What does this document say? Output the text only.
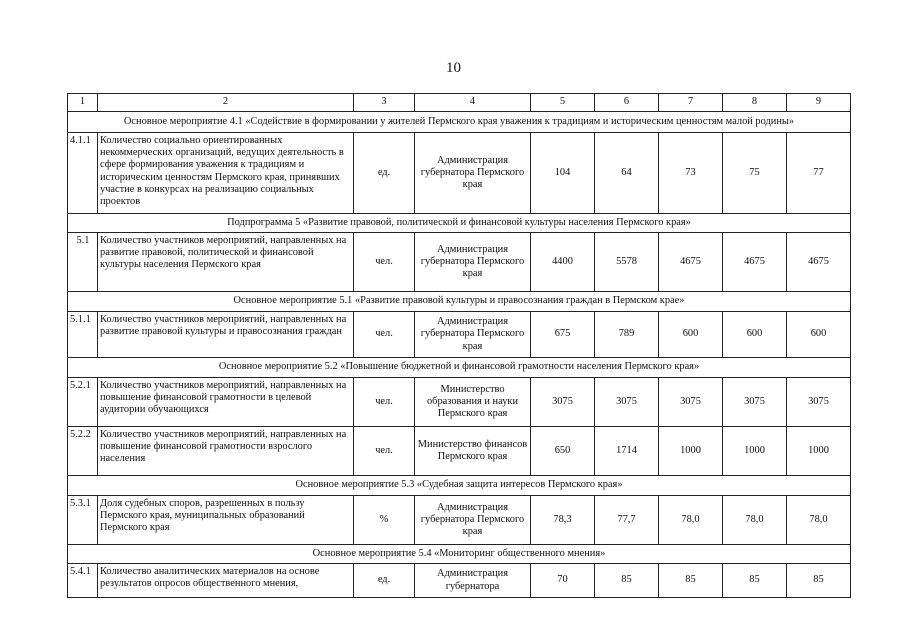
10
1	2	3	4	5	6	7	8	9
Основное мероприятие 4.1 «Содействие в формировании у жителей Пермского края уважения к традициям и историческим ценностям малой родины»								
4.1.1	Количество социально ориентированных некоммерческих организаций, ведущих деятельность в сфере формирования уважения к традициям и историческим ценностям Пермского края, принявших участие в конкурсах на реализацию социальных проектов	ед.	Администрация губернатора Пермского края	104	64	73	75	77
Подпрограмма 5 «Развитие правовой, политической и финансовой культуры населения Пермского края»								
5.1	Количество участников мероприятий, направленных на развитие правовой, политической и финансовой культуры населения Пермского края	чел.	Администрация губернатора Пермского края	4400	5578	4675	4675	4675
Основное мероприятие 5.1 «Развитие правовой культуры и правосознания граждан в Пермском крае»								
5.1.1	Количество участников мероприятий, направленных на развитие правовой культуры и правосознания граждан	чел.	Администрация губернатора Пермского края	675	789	600	600	600
Основное мероприятие 5.2 «Повышение бюджетной и финансовой грамотности населения Пермского края»								
5.2.1	Количество участников мероприятий, направленных на повышение финансовой грамотности в целевой аудитории обучающихся	чел.	Министерство образования и науки Пермского края	3075	3075	3075	3075	3075
5.2.2	Количество участников мероприятий, направленных на повышение финансовой грамотности взрослого населения	чел.	Министерство финансов Пермского края	650	1714	1000	1000	1000
Основное мероприятие 5.3 «Судебная защита интересов Пермского края»								
5.3.1	Доля судебных споров, разрешенных в пользу Пермского края, муниципальных образований Пермского края	%	Администрация губернатора Пермского края	78,3	77,7	78,0	78,0	78,0
Основное мероприятие 5.4 «Мониторинг общественного мнения»								
5.4.1	Количество аналитических материалов на основе результатов опросов общественного мнения,	ед.	Администрация губернатора	70	85	85	85	85
